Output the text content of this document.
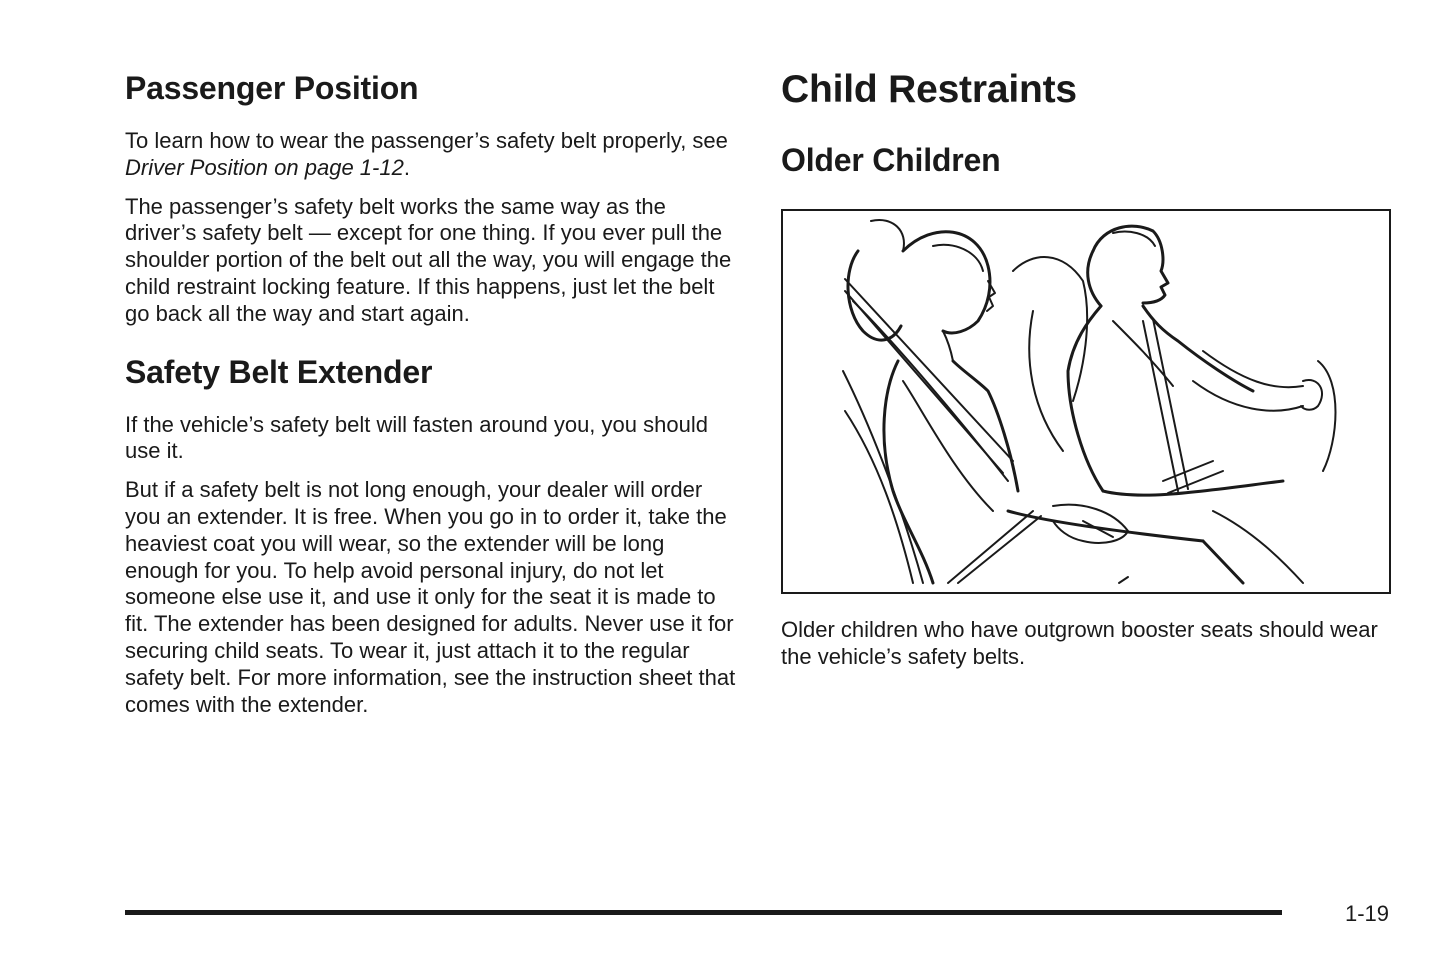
Passenger Position

To learn how to wear the passenger’s safety belt properly, see Driver Position on page 1-12.

The passenger’s safety belt works the same way as the driver’s safety belt — except for one thing. If you ever pull the shoulder portion of the belt out all the way, you will engage the child restraint locking feature. If this happens, just let the belt go back all the way and start again.

Safety Belt Extender

If the vehicle’s safety belt will fasten around you, you should use it.

But if a safety belt is not long enough, your dealer will order you an extender. It is free. When you go in to order it, take the heaviest coat you will wear, so the extender will be long enough for you. To help avoid personal injury, do not let someone else use it, and use it only for the seat it is made to fit. The extender has been designed for adults. Never use it for securing child seats. To wear it, just attach it to the regular safety belt. For more information, see the instruction sheet that comes with the extender.

Child Restraints
Older Children

Older children who have outgrown booster seats should wear the vehicle’s safety belts.

1-19
